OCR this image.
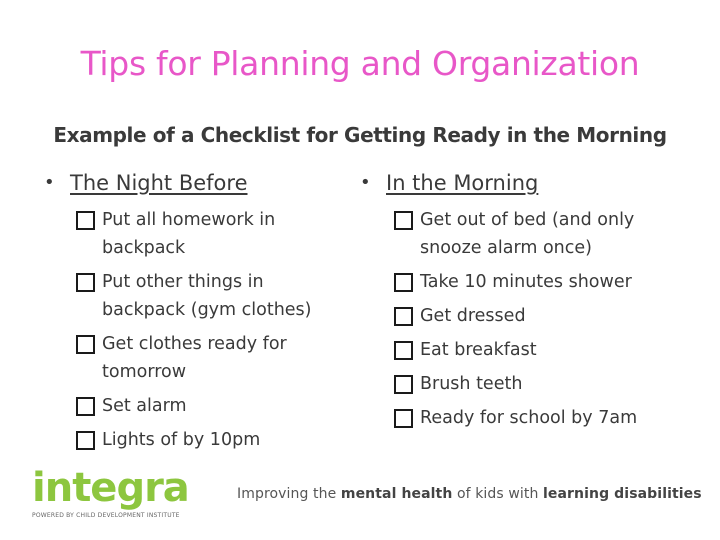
Tips for Planning and Organization
Example of a Checklist for Getting Ready in the Morning
• The Night Before
Put all homework in backpack
Put other things in backpack (gym clothes)
Get clothes ready for tomorrow
Set alarm
Lights of by 10pm
• In the Morning
Get out of bed (and only snooze alarm once)
Take 10 minutes shower
Get dressed
Eat breakfast
Brush teeth
Ready for school by 7am
integra
POWERED BY CHILD DEVELOPMENT INSTITUTE
Improving the mental health of kids with learning disabilities
